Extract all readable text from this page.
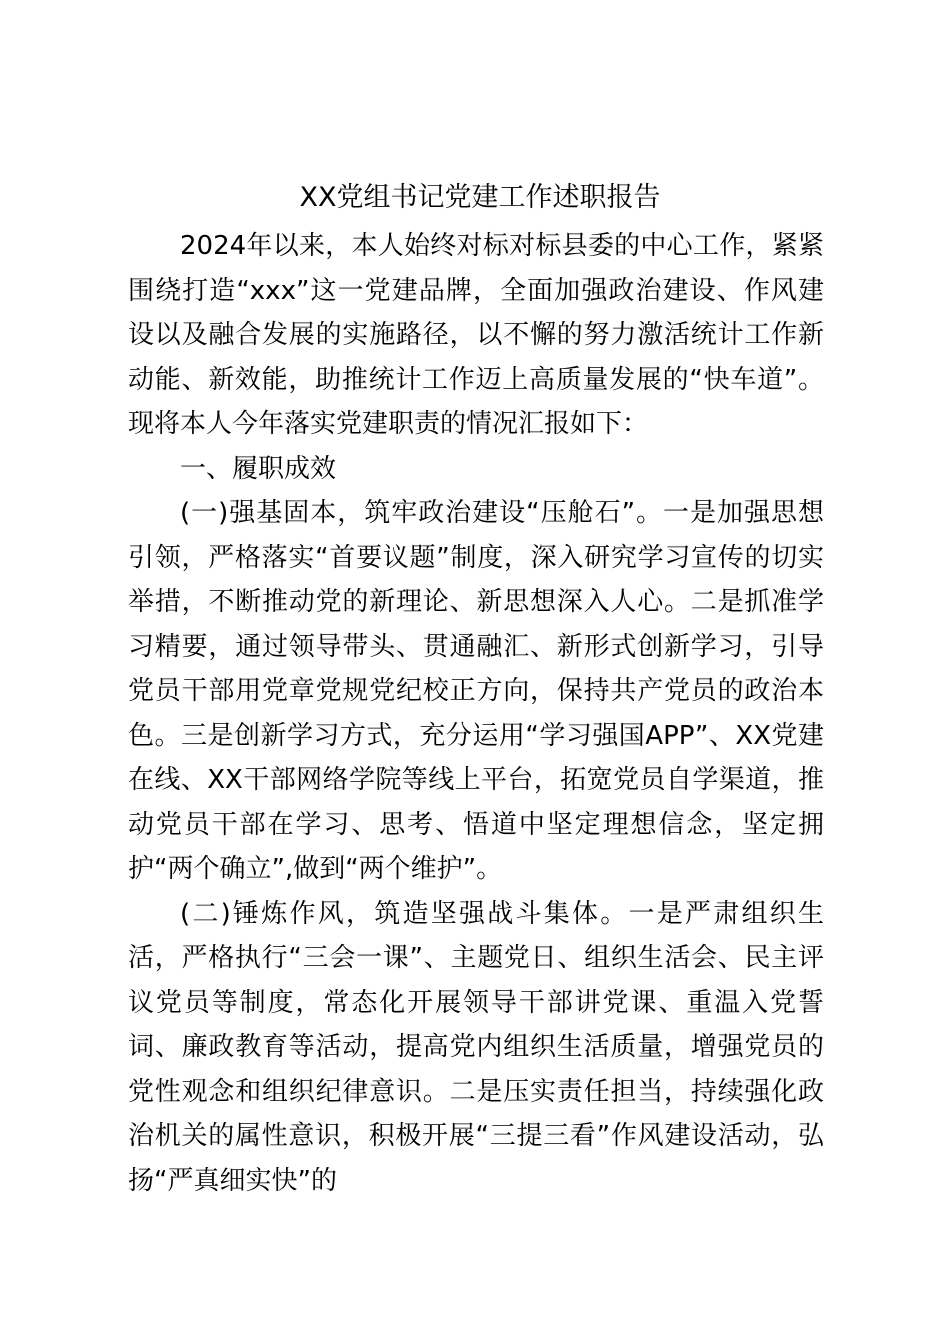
XX党组书记党建工作述职报告

2024年以来，本人始终对标对标县委的中心工作，紧紧围绕打造“xxx”这一党建品牌，全面加强政治建设、作风建设以及融合发展的实施路径，以不懈的努力激活统计工作新动能、新效能，助推统计工作迈上高质量发展的“快车道”。现将本人今年落实党建职责的情况汇报如下：

一、履职成效

(一)强基固本，筑牢政治建设“压舱石”。一是加强思想引领，严格落实“首要议题”制度，深入研究学习宣传的切实举措，不断推动党的新理论、新思想深入人心。二是抓准学习精要，通过领导带头、贯通融汇、新形式创新学习，引导党员干部用党章党规党纪校正方向，保持共产党员的政治本色。三是创新学习方式，充分运用“学习强国APP”、XX党建在线、XX干部网络学院等线上平台，拓宽党员自学渠道，推动党员干部在学习、思考、悟道中坚定理想信念，坚定拥护“两个确立”,做到“两个维护”。

(二)锤炼作风，筑造坚强战斗集体。一是严肃组织生活，严格执行“三会一课”、主题党日、组织生活会、民主评议党员等制度，常态化开展领导干部讲党课、重温入党誓词、廉政教育等活动，提高党内组织生活质量，增强党员的党性观念和组织纪律意识。二是压实责任担当，持续强化政治机关的属性意识，积极开展“三提三看”作风建设活动，弘扬“严真细实快”的
